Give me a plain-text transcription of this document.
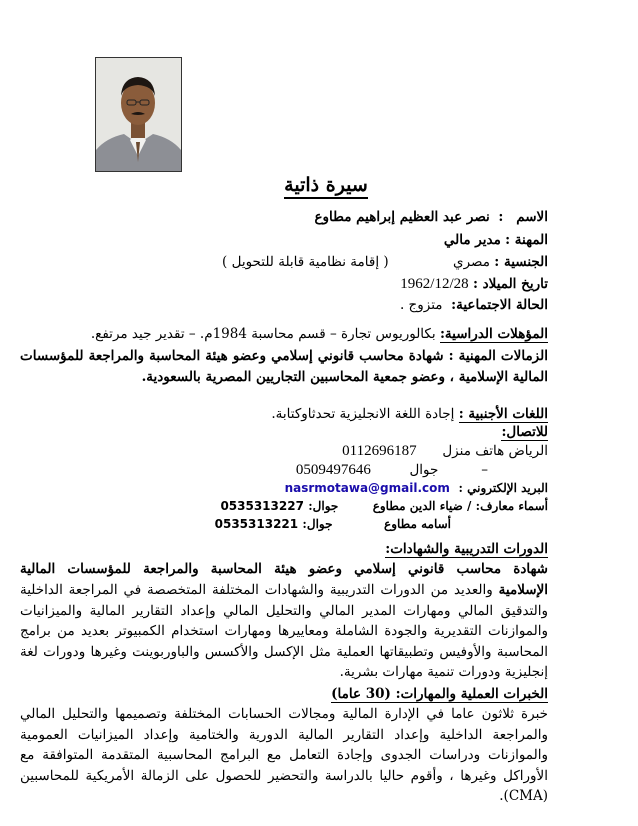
سيرة ذاتية
الاسم   :  نصر عبد العظيم إبراهيم مطاوع
المهنة : مدير مالي
الجنسية : مصري               ( إقامة نظامية قابلة للتحويل )
تاريخ الميلاد : 1962/12/28
الحالة الاجتماعية:  متزوج .
المؤهلات الدراسية: بكالوريوس تجارة – قسم محاسبة 1984م. – تقدير جيد مرتفع.
الزمالات المهنية : شهادة محاسب قانوني إسلامي وعضو هيئة المحاسبة والمراجعة للمؤسسات المالية الإسلامية ، وعضو جمعية المحاسبين التجاريين المصرية بالسعودية.
اللغات الأجنبية : إجادة اللغة الانجليزية تحدثاوكتابة.
للاتصال:
الرياض هاتف منزل      0112696187
–          جوال         0509497646
البريد الإلكتروني :  nasrmotawa@gmail.com
أسماء معارف: / ضياء الدين مطاوع        جوال: 0535313227
أسامه مطاوع            جوال: 0535313221
الدورات التدريبية والشهادات:
شهادة محاسب قانوني إسلامي وعضو هيئة المحاسبة والمراجعة للمؤسسات المالية
الإسلامية والعديد من الدورات التدريبية والشهادات المختلفة المتخصصة في المراجعة الداخلية والتدقيق المالي ومهارات المدير المالي والتحليل المالي وإعداد التقارير المالية والميزانيات والموازنات التقديرية والجودة الشاملة ومعاييرها ومهارات استخدام الكمبيوتر بعديد من برامج المحاسبة والأوفيس وتطبيقاتها العملية مثل الإكسل والأكسس والباوربوينت وغيرها ودورات لغة إنجليزية ودورات تنمية مهارات بشرية.
الخبرات العملية والمهارات: (30 عاما)
خبرة ثلاثون عاما في الإدارة المالية ومجالات الحسابات المختلفة وتصميمها والتحليل المالي والمراجعة الداخلية وإعداد التقارير المالية الدورية والختامية وإعداد الميزانيات العمومية والموازنات ودراسات الجدوى وإجادة التعامل مع البرامج المحاسبية المتقدمة المتوافقة مع الأوراكل وغيرها ، وأقوم حاليا بالدراسة والتحضير للحصول على الزمالة الأمريكية للمحاسبين (CMA).
